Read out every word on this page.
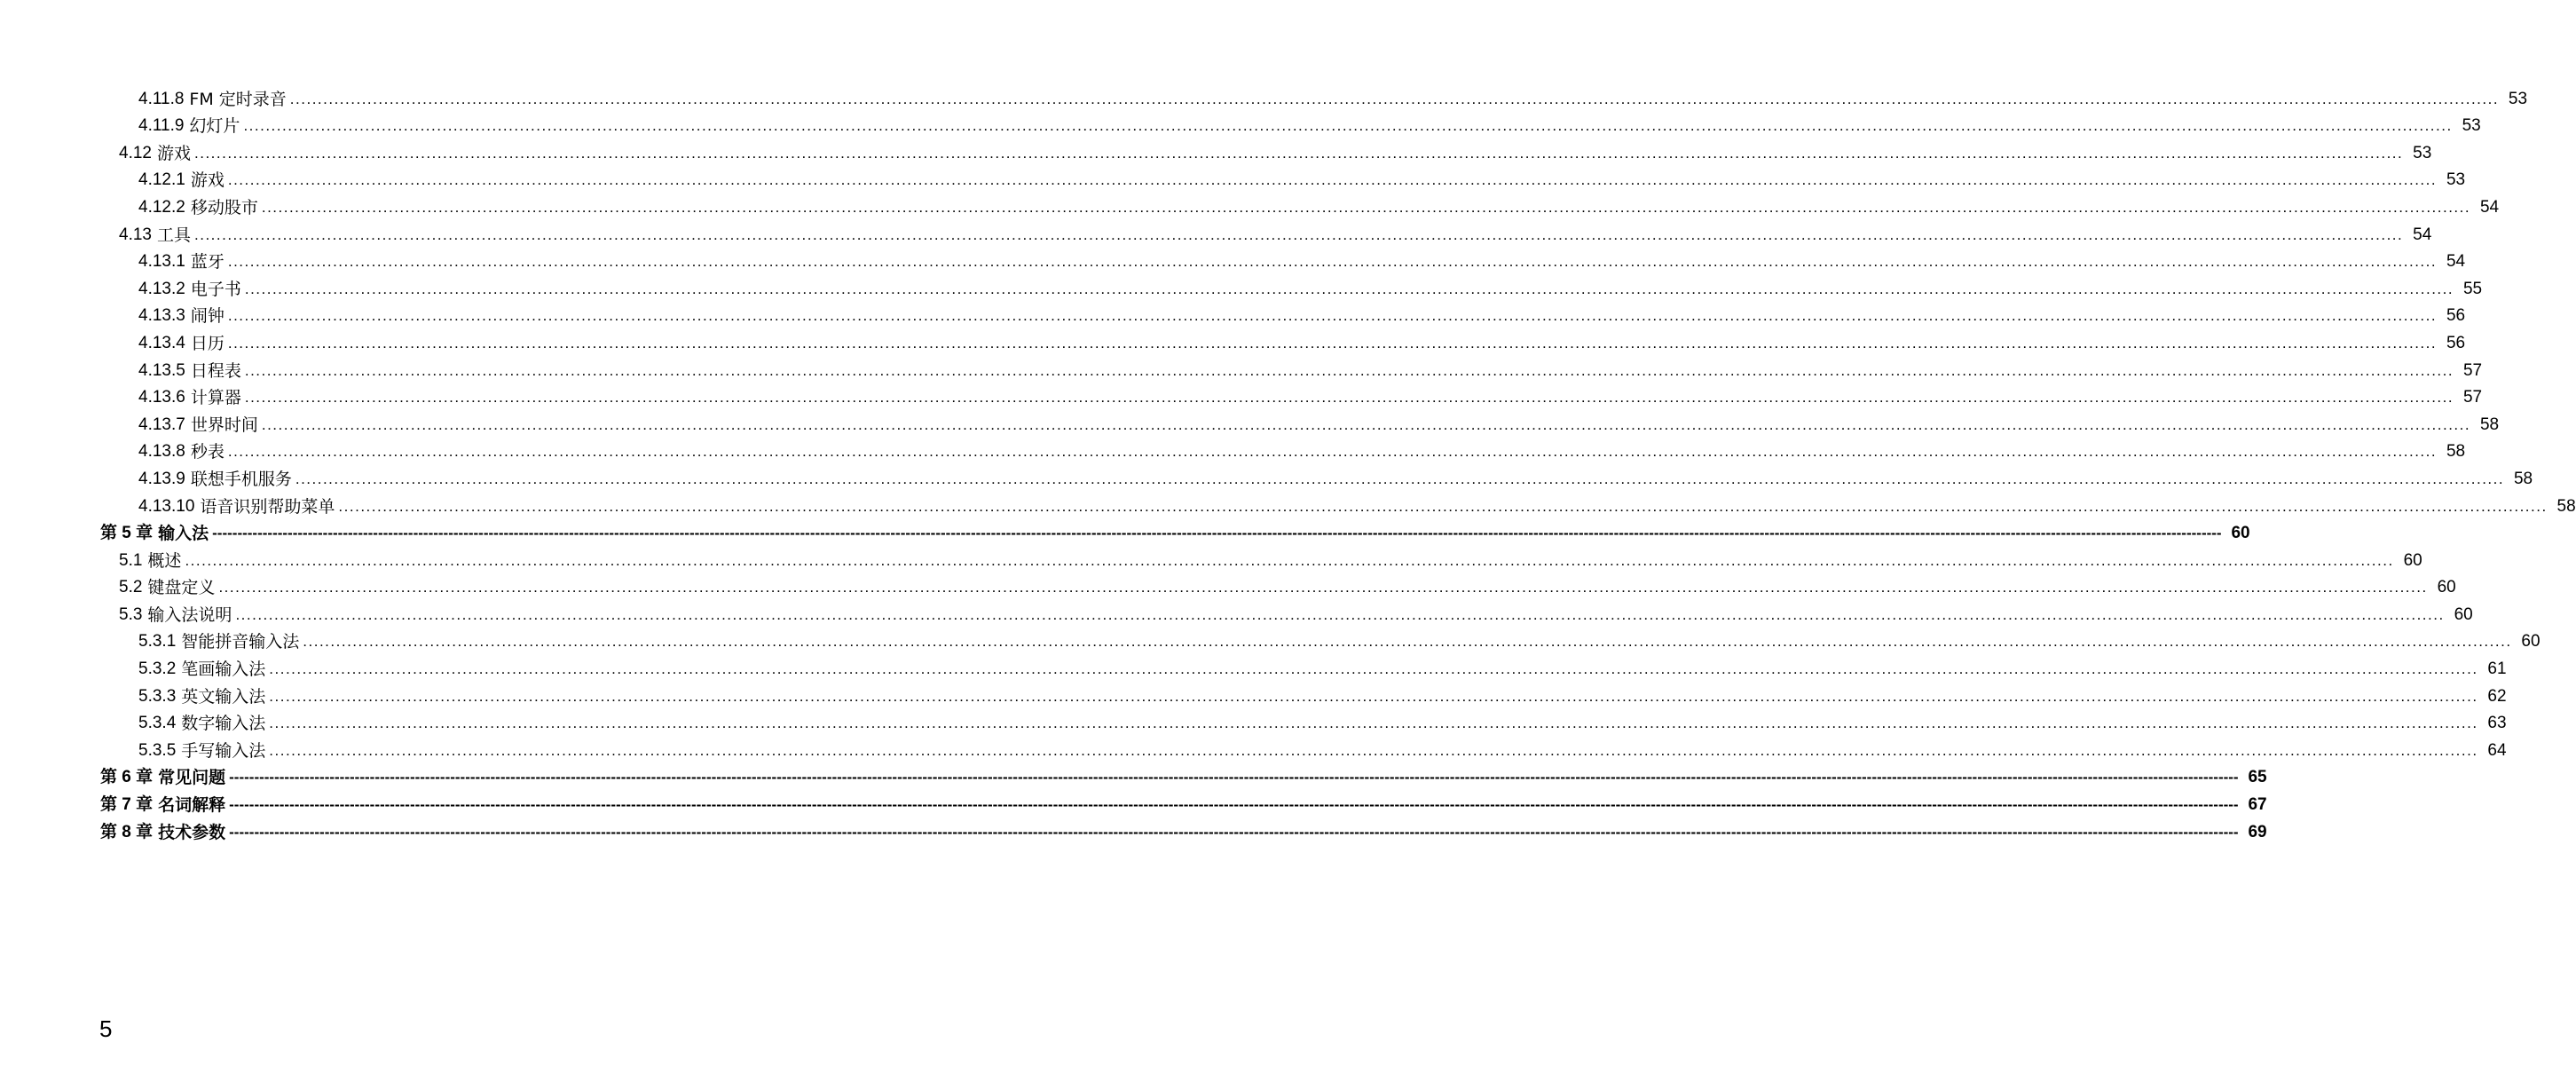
4.11.8 FM 定时录音 ................................................................................................................................................................................................................................................................................................................................................................................................................ 53
4.11.9 幻灯片 ................................................................................................................................................................................................................................................................................................................................................................................................................ 53
4.12 游戏 ................................................................................................................................................................................................................................................................................................................................................................................................................ 53
4.12.1 游戏 ................................................................................................................................................................................................................................................................................................................................................................................................................ 53
4.12.2 移动股市 ................................................................................................................................................................................................................................................................................................................................................................................................................ 54
4.13 工具 ................................................................................................................................................................................................................................................................................................................................................................................................................ 54
4.13.1 蓝牙 ................................................................................................................................................................................................................................................................................................................................................................................................................ 54
4.13.2 电子书 ................................................................................................................................................................................................................................................................................................................................................................................................................ 55
4.13.3 闹钟 ................................................................................................................................................................................................................................................................................................................................................................................................................ 56
4.13.4 日历 ................................................................................................................................................................................................................................................................................................................................................................................................................ 56
4.13.5 日程表 ................................................................................................................................................................................................................................................................................................................................................................................................................ 57
4.13.6 计算器 ................................................................................................................................................................................................................................................................................................................................................................................................................ 57
4.13.7 世界时间 ................................................................................................................................................................................................................................................................................................................................................................................................................ 58
4.13.8 秒表 ................................................................................................................................................................................................................................................................................................................................................................................................................ 58
4.13.9 联想手机服务 ................................................................................................................................................................................................................................................................................................................................................................................................................ 58
4.13.10 语音识别帮助菜单 ................................................................................................................................................................................................................................................................................................................................................................................................................ 58
第 5 章 输入法 ---------------------------------------------------------------------------------------------------------------------------------------------------------------------------------------------------------------------------------------------------------------------------------------------------------------------------------------------------------------------------------------------------------------- 60
5.1 概述 ................................................................................................................................................................................................................................................................................................................................................................................................................ 60
5.2 键盘定义 ................................................................................................................................................................................................................................................................................................................................................................................................................ 60
5.3 输入法说明 ................................................................................................................................................................................................................................................................................................................................................................................................................ 60
5.3.1 智能拼音输入法 ................................................................................................................................................................................................................................................................................................................................................................................................................ 60
5.3.2 笔画输入法 ................................................................................................................................................................................................................................................................................................................................................................................................................ 61
5.3.3 英文输入法 ................................................................................................................................................................................................................................................................................................................................................................................................................ 62
5.3.4 数字输入法 ................................................................................................................................................................................................................................................................................................................................................................................................................ 63
5.3.5 手写输入法 ................................................................................................................................................................................................................................................................................................................................................................................................................ 64
第 6 章 常见问题 ---------------------------------------------------------------------------------------------------------------------------------------------------------------------------------------------------------------------------------------------------------------------------------------------------------------------------------------------------------------------------------------------------------------- 65
第 7 章 名词解释 ---------------------------------------------------------------------------------------------------------------------------------------------------------------------------------------------------------------------------------------------------------------------------------------------------------------------------------------------------------------------------------------------------------------- 67
第 8 章 技术参数 ---------------------------------------------------------------------------------------------------------------------------------------------------------------------------------------------------------------------------------------------------------------------------------------------------------------------------------------------------------------------------------------------------------------- 69
5
